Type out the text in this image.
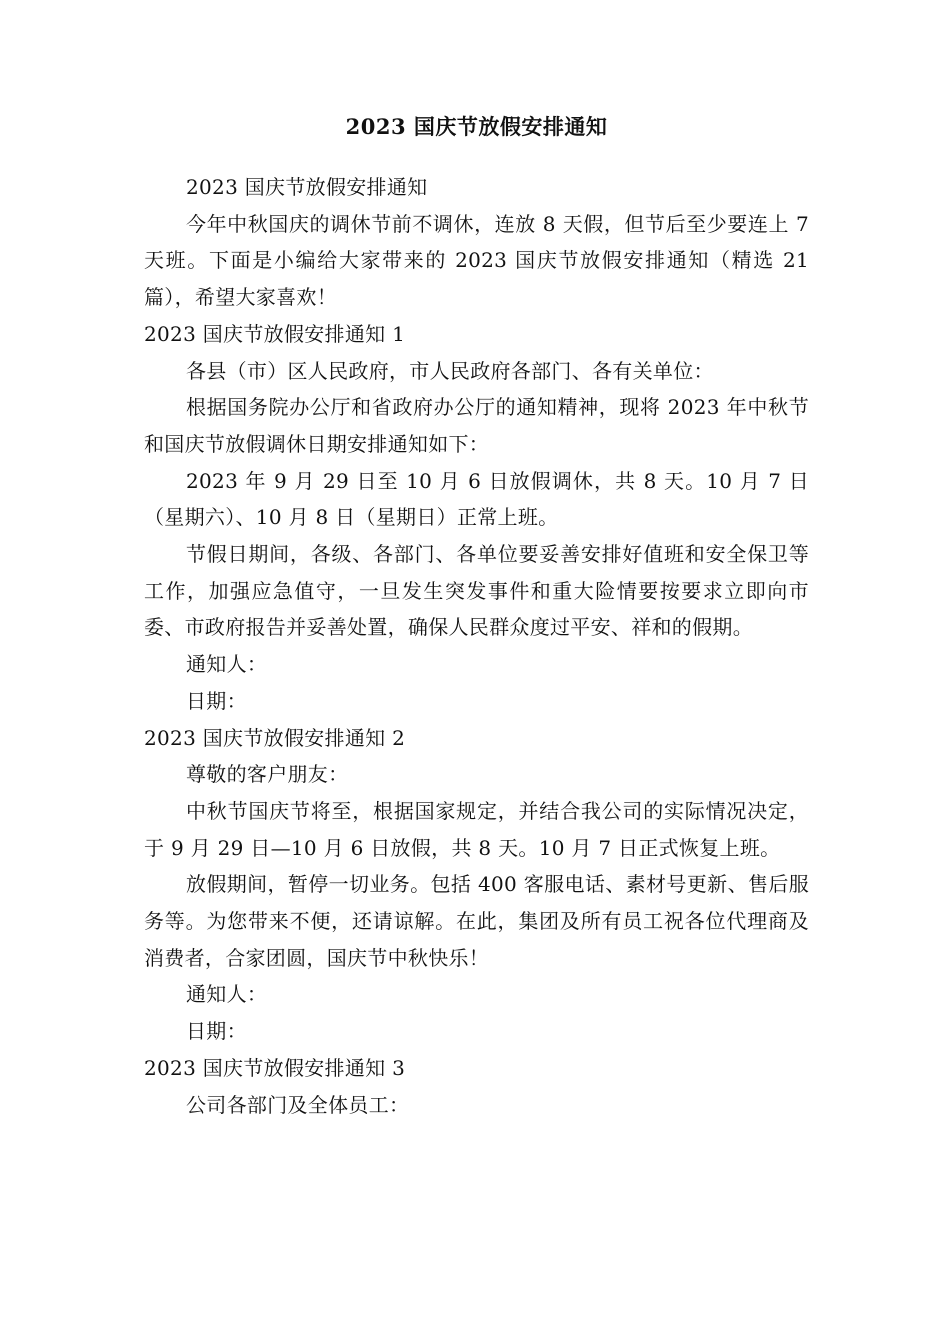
2023 国庆节放假安排通知

2023 国庆节放假安排通知

今年中秋国庆的调休节前不调休，连放 8 天假，但节后至少要连上 7 天班。下面是小编给大家带来的 2023 国庆节放假安排通知（精选 21 篇），希望大家喜欢！

2023 国庆节放假安排通知 1

各县（市）区人民政府，市人民政府各部门、各有关单位：

根据国务院办公厅和省政府办公厅的通知精神，现将 2023 年中秋节和国庆节放假调休日期安排通知如下：

2023 年 9 月 29 日至 10 月 6 日放假调休，共 8 天。10 月 7 日（星期六）、10 月 8 日（星期日）正常上班。

节假日期间，各级、各部门、各单位要妥善安排好值班和安全保卫等工作，加强应急值守，一旦发生突发事件和重大险情要按要求立即向市委、市政府报告并妥善处置，确保人民群众度过平安、祥和的假期。

通知人：

日期：

2023 国庆节放假安排通知 2

尊敬的客户朋友：

中秋节国庆节将至，根据国家规定，并结合我公司的实际情况决定，于 9 月 29 日—10 月 6 日放假，共 8 天。10 月 7 日正式恢复上班。

放假期间，暂停一切业务。包括 400 客服电话、素材号更新、售后服务等。为您带来不便，还请谅解。在此，集团及所有员工祝各位代理商及消费者，合家团圆，国庆节中秋快乐！

通知人：

日期：

2023 国庆节放假安排通知 3

公司各部门及全体员工：
